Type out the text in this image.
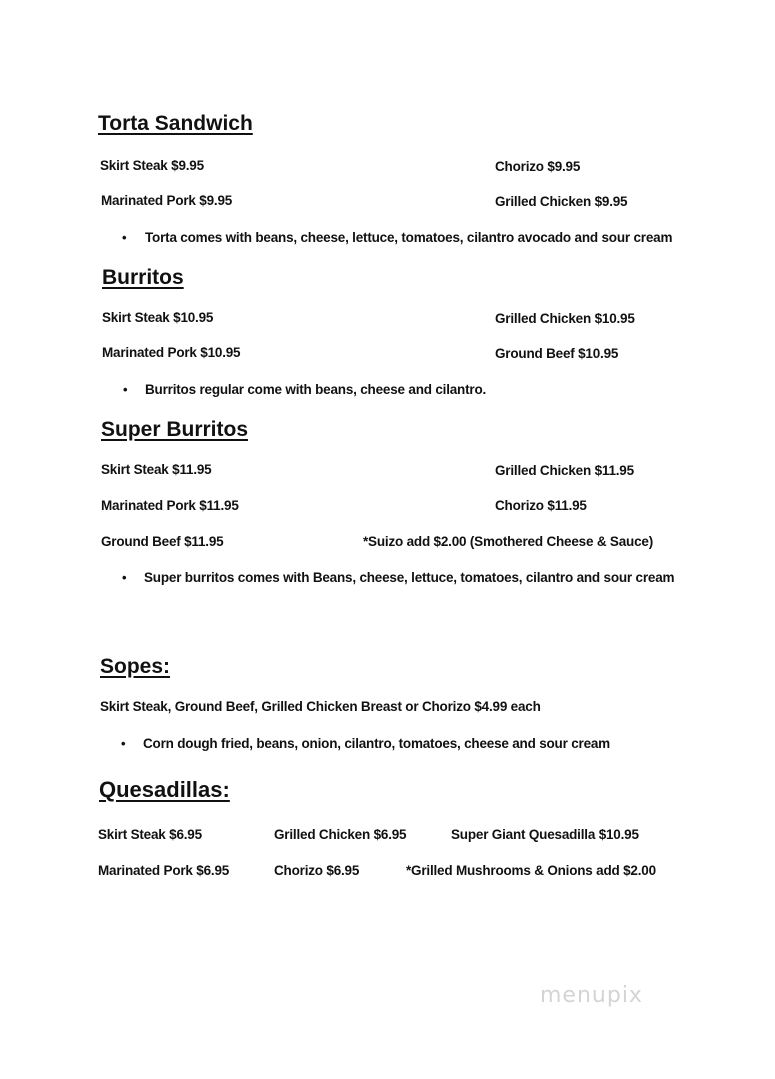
Torta Sandwich
Skirt Steak $9.95	Chorizo $9.95
Marinated Pork $9.95	Grilled Chicken $9.95
• Torta comes with beans, cheese, lettuce, tomatoes, cilantro avocado and sour cream
Burritos
Skirt Steak $10.95	Grilled Chicken $10.95
Marinated Pork $10.95	Ground Beef $10.95
• Burritos regular come with beans, cheese and cilantro.
Super Burritos
Skirt Steak $11.95	Grilled Chicken $11.95
Marinated Pork $11.95	Chorizo $11.95
Ground Beef $11.95	*Suizo add $2.00 (Smothered Cheese & Sauce)
• Super burritos comes with Beans, cheese, lettuce, tomatoes, cilantro and sour cream
Sopes:
Skirt Steak, Ground Beef, Grilled Chicken Breast or Chorizo $4.99 each
• Corn dough fried, beans, onion, cilantro, tomatoes, cheese and sour cream
Quesadillas:
Skirt Steak $6.95	Grilled Chicken $6.95	Super Giant Quesadilla $10.95
Marinated Pork $6.95	Chorizo $6.95	*Grilled Mushrooms & Onions add $2.00
menupix
